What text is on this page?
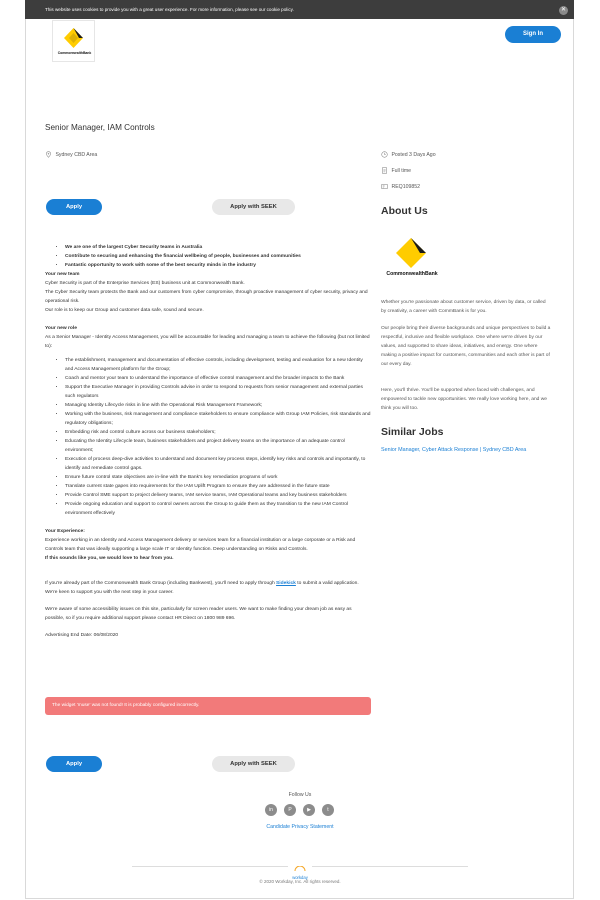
This website uses cookies to provide you with a great user experience. For more information, please see our cookie policy.	✕
CommonwealthBank
Sign In
Senior Manager, IAM Controls
Sydney CBD Area	Posted 3 Days Ago
Full time
REQ109852
Apply	Apply with SEEK	About Us
CommonwealthBank
Whether you're passionate about customer service, driven by data, or called by creativity, a career with CommBank is for you.
Our people bring their diverse backgrounds and unique perspectives to build a respectful, inclusive and flexible workplace. One where we're driven by our values, and supported to share ideas, initiatives, and energy. One where making a positive impact for customers, communities and each other is part of our every day.
Here, you'll thrive. You'll be supported when faced with challenges, and empowered to tackle new opportunities. We really love working here, and we think you will too.
Similar Jobs
Senior Manager, Cyber Attack Response | Sydney CBD Area
• We are one of the largest Cyber Security teams in Australia
• Contribute to securing and enhancing the financial wellbeing of people, businesses and communities
• Fantastic opportunity to work with some of the best security minds in the industry

Your new team

Cyber Security is part of the Enterprise Services (ES) business unit at Commonwealth Bank.

The Cyber Security team protects the Bank and our customers from cyber compromise, through proactive management of cyber security, privacy and operational risk.

Our role is to keep our Group and customer data safe, sound and secure.

Your new role

As a Senior Manager - Identity Access Management, you will be accountable for leading and managing a team to achieve the following (but not limited to):

• The establishment, management and documentation of effective controls, including development, testing and evaluation for a new Identity and Access Management platform for the Group;
• Coach and mentor your team to understand the importance of effective control management and the broader impacts to the Bank
• Support the Executive Manager in providing Controls advise in order to respond to requests from senior management and external parties such regulators
• Managing Identity Lifecycle risks in line with the Operational Risk Management Framework;
• Working with the business, risk management and compliance stakeholders to ensure compliance with Group IAM Policies, risk standards and regulatory obligations;
• Embedding risk and control culture across our business stakeholders;
• Educating the Identity Lifecycle team, business stakeholders and project delivery teams on the importance of an adequate control environment;
• Execution of process deep-dive activities to understand and document key process steps, identify key risks and controls and importantly, to identify and remediate control gaps.
• Ensure future control state objectives are in-line with the Bank's key remediation programs of work
• Translate current state gapes into requirements for the IAM Uplift Program to ensure they are addressed in the future state
• Provide Control SME support to project delivery teams, IAM service teams, IAM Operational teams and key business stakeholders
• Provide ongoing education and support to control owners across the Group to guide them as they transition to the new IAM Control environment effectively

Your Experience:

Experience working in an Identity and Access Management delivery or services team for a financial institution or a large corporate or a Risk and Controls team that was ideally supporting a large scale IT or Identity function. Deep understanding on Risks and Controls.

If this sounds like you, we would love to hear from you.

If you're already part of the Commonwealth Bank Group (including Bankwest), you'll need to apply through Sidekick to submit a valid application. We're keen to support you with the next step in your career.

We're aware of some accessibility issues on this site, particularly for screen reader users. We want to make finding your dream job as easy as possible, so if you require additional support please contact HR Direct on 1800 989 696.

Advertising End Date: 06/08/2020

The widget 'muse' was not found! It is probably configured incorrectly.
Apply	Apply with SEEK
Follow Us
in	P	▶	t
Candidate Privacy Statement
workday
© 2020 Workday, Inc. All rights reserved.
